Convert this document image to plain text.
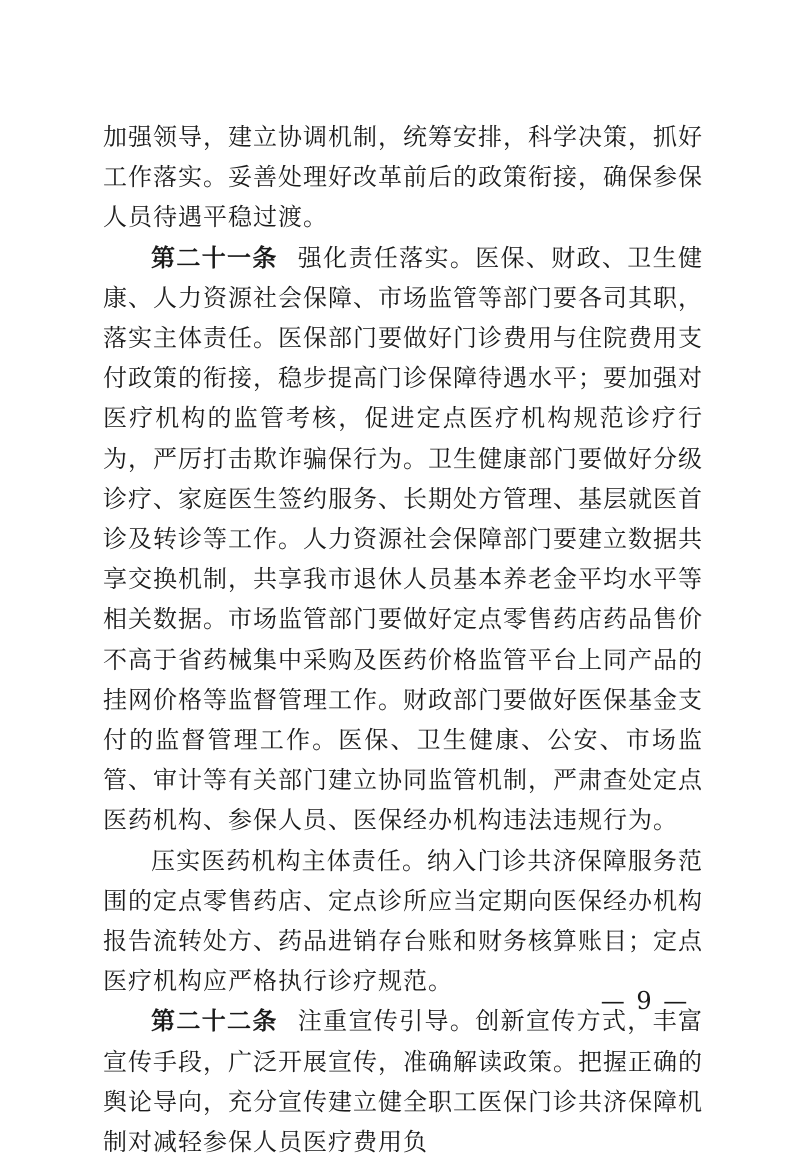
加强领导，建立协调机制，统筹安排，科学决策，抓好工作落实。妥善处理好改革前后的政策衔接，确保参保人员待遇平稳过渡。

第二十一条 强化责任落实。医保、财政、卫生健康、人力资源社会保障、市场监管等部门要各司其职，落实主体责任。医保部门要做好门诊费用与住院费用支付政策的衔接，稳步提高门诊保障待遇水平；要加强对医疗机构的监管考核，促进定点医疗机构规范诊疗行为，严厉打击欺诈骗保行为。卫生健康部门要做好分级诊疗、家庭医生签约服务、长期处方管理、基层就医首诊及转诊等工作。人力资源社会保障部门要建立数据共享交换机制，共享我市退休人员基本养老金平均水平等相关数据。市场监管部门要做好定点零售药店药品售价不高于省药械集中采购及医药价格监管平台上同产品的挂网价格等监督管理工作。财政部门要做好医保基金支付的监督管理工作。医保、卫生健康、公安、市场监管、审计等有关部门建立协同监管机制，严肃查处定点医药机构、参保人员、医保经办机构违法违规行为。

压实医药机构主体责任。纳入门诊共济保障服务范围的定点零售药店、定点诊所应当定期向医保经办机构报告流转处方、药品进销存台账和财务核算账目；定点医疗机构应严格执行诊疗规范。

第二十二条 注重宣传引导。创新宣传方式，丰富宣传手段，广泛开展宣传，准确解读政策。把握正确的舆论导向，充分宣传建立健全职工医保门诊共济保障机制对减轻参保人员医疗费用负

— 9 —
